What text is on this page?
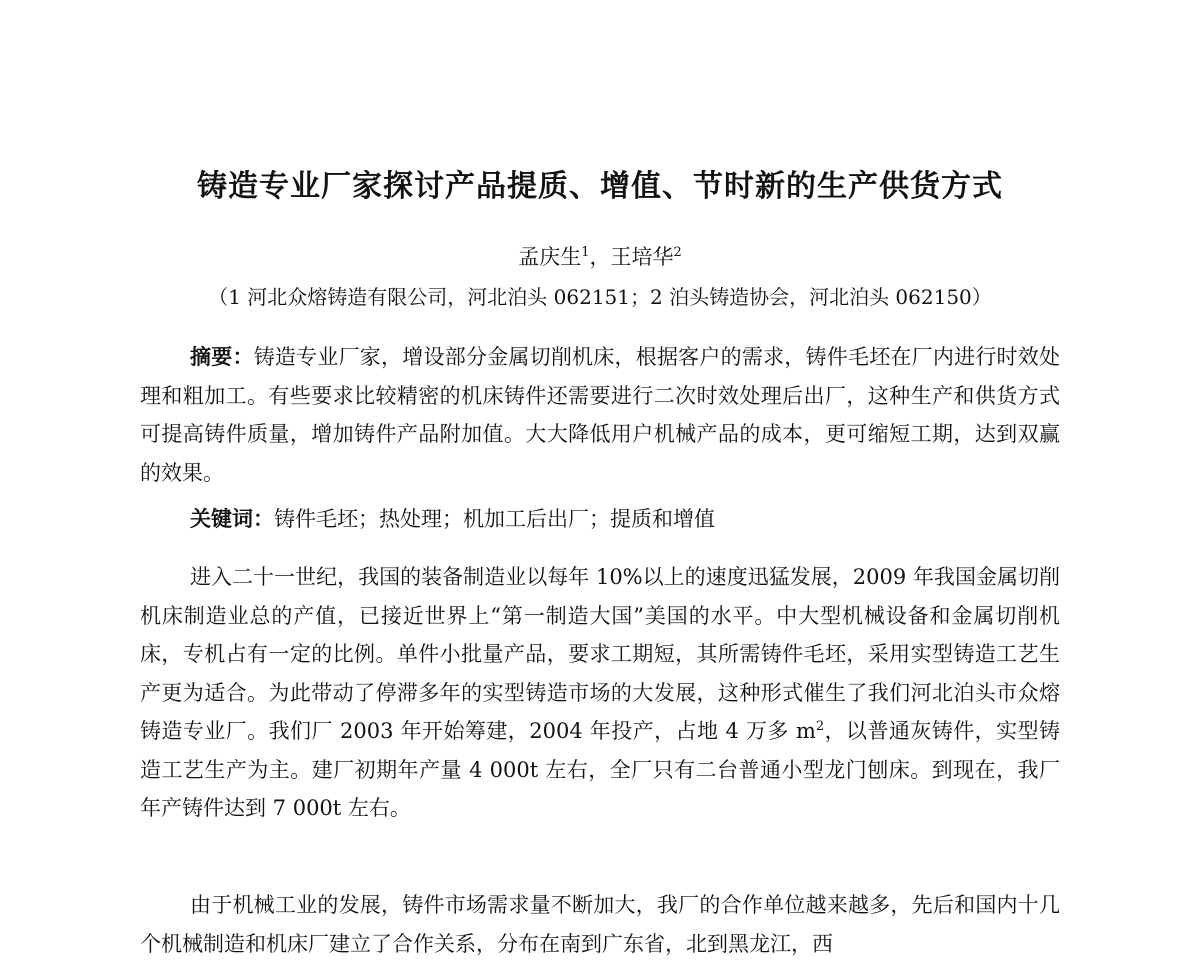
铸造专业厂家探讨产品提质、增值、节时新的生产供货方式
孟庆生$^1$，王培华$^2$
（1 河北众熔铸造有限公司，河北泊头 062151；2 泊头铸造协会，河北泊头 062150）

摘要：铸造专业厂家，增设部分金属切削机床，根据客户的需求，铸件毛坯在厂内进行时效处理和粗加工。有些要求比较精密的机床铸件还需要进行二次时效处理后出厂，这种生产和供货方式可提高铸件质量，增加铸件产品附加值。大大降低用户机械产品的成本，更可缩短工期，达到双赢的效果。

关键词：铸件毛坯；热处理；机加工后出厂；提质和增值

进入二十一世纪，我国的装备制造业以每年 10%以上的速度迅猛发展，2009 年我国金属切削机床制造业总的产值，已接近世界上“第一制造大国”美国的水平。中大型机械设备和金属切削机床，专机占有一定的比例。单件小批量产品，要求工期短，其所需铸件毛坯，采用实型铸造工艺生产更为适合。为此带动了停滞多年的实型铸造市场的大发展，这种形式催生了我们河北泊头市众熔铸造专业厂。我们厂 2003 年开始筹建，2004 年投产，占地 4 万多 $m^2$，以普通灰铸件，实型铸造工艺生产为主。建厂初期年产量 4 000t 左右，全厂只有二台普通小型龙门刨床。到现在，我厂年产铸件达到 7 000t 左右。

由于机械工业的发展，铸件市场需求量不断加大，我厂的合作单位越来越多，先后和国内十几个机械制造和机床厂建立了合作关系，分布在南到广东省，北到黑龙江，西
